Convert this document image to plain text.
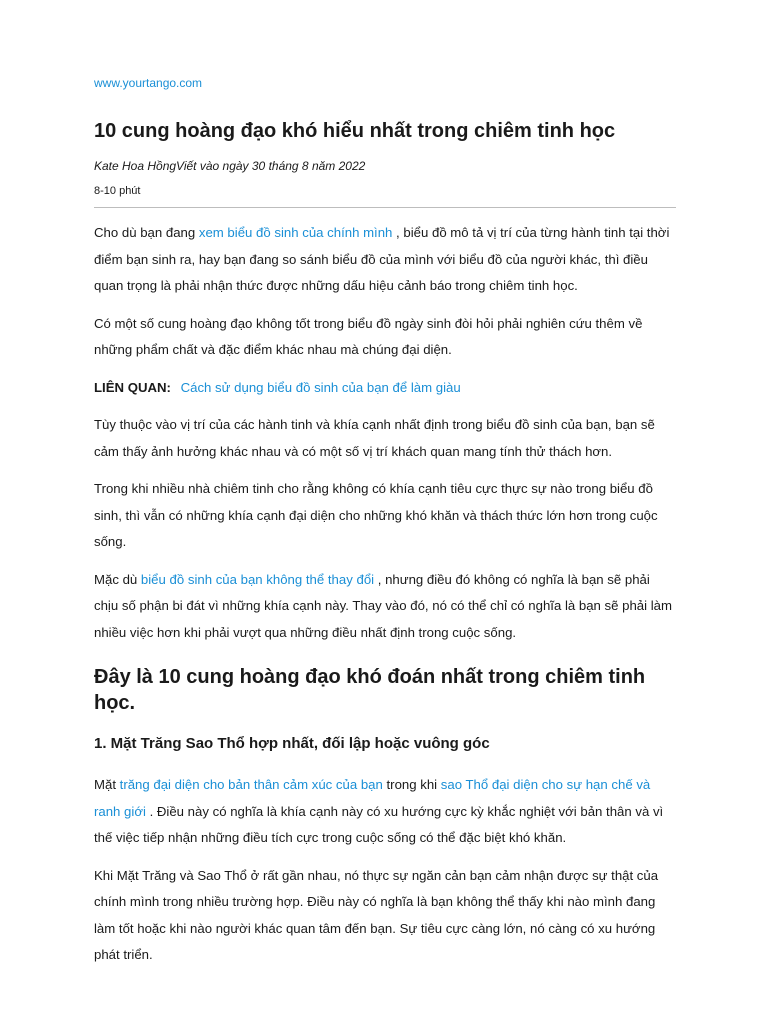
www.yourtango.com
10 cung hoàng đạo khó hiểu nhất trong chiêm tinh học
Kate Hoa HồngViết vào ngày 30 tháng 8 năm 2022
8-10 phút

Cho dù bạn đang xem biểu đồ sinh của chính mình , biểu đồ mô tả vị trí của từng hành tinh tại thời điểm bạn sinh ra, hay bạn đang so sánh biểu đồ của mình với biểu đồ của người khác, thì điều quan trọng là phải nhận thức được những dấu hiệu cảnh báo trong chiêm tinh học.

Có một số cung hoàng đạo không tốt trong biểu đồ ngày sinh đòi hỏi phải nghiên cứu thêm về những phẩm chất và đặc điểm khác nhau mà chúng đại diện.

LIÊN QUAN: Cách sử dụng biểu đồ sinh của bạn để làm giàu

Tùy thuộc vào vị trí của các hành tinh và khía cạnh nhất định trong biểu đồ sinh của bạn, bạn sẽ cảm thấy ảnh hưởng khác nhau và có một số vị trí khách quan mang tính thử thách hơn.

Trong khi nhiều nhà chiêm tinh cho rằng không có khía cạnh tiêu cực thực sự nào trong biểu đồ sinh, thì vẫn có những khía cạnh đại diện cho những khó khăn và thách thức lớn hơn trong cuộc sống.

Mặc dù biểu đồ sinh của bạn không thể thay đổi , nhưng điều đó không có nghĩa là bạn sẽ phải chịu số phận bi đát vì những khía cạnh này. Thay vào đó, nó có thể chỉ có nghĩa là bạn sẽ phải làm nhiều việc hơn khi phải vượt qua những điều nhất định trong cuộc sống.

Đây là 10 cung hoàng đạo khó đoán nhất trong chiêm tinh học.
1. Mặt Trăng Sao Thổ hợp nhất, đối lập hoặc vuông góc

Mặt trăng đại diện cho bản thân cảm xúc của bạn trong khi sao Thổ đại diện cho sự hạn chế và ranh giới . Điều này có nghĩa là khía cạnh này có xu hướng cực kỳ khắc nghiệt với bản thân và vì thế việc tiếp nhận những điều tích cực trong cuộc sống có thể đặc biệt khó khăn.

Khi Mặt Trăng và Sao Thổ ở rất gần nhau, nó thực sự ngăn cản bạn cảm nhận được sự thật của chính mình trong nhiều trường hợp. Điều này có nghĩa là bạn không thể thấy khi nào mình đang làm tốt hoặc khi nào người khác quan tâm đến bạn. Sự tiêu cực càng lớn, nó càng có xu hướng phát triển.
